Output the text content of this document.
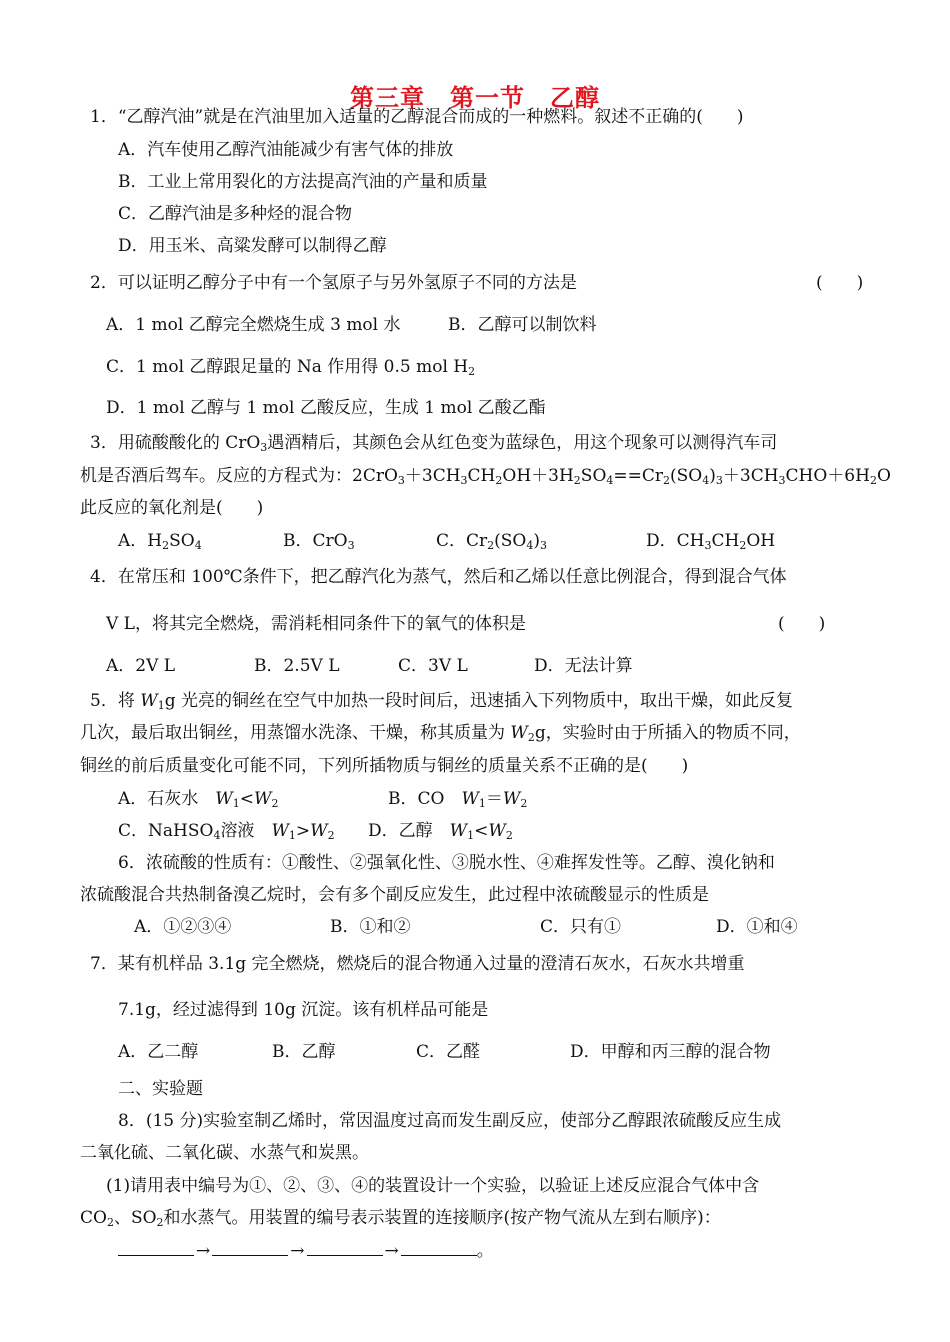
第三章　第一节　乙醇
1．“乙醇汽油”就是在汽油里加入适量的乙醇混合而成的一种燃料。叙述不正确的(　　)
A．汽车使用乙醇汽油能减少有害气体的排放
B．工业上常用裂化的方法提高汽油的产量和质量
C．乙醇汽油是多种烃的混合物
D．用玉米、高粱发酵可以制得乙醇
2．可以证明乙醇分子中有一个氢原子与另外氢原子不同的方法是	(　　)
A．1 mol 乙醇完全燃烧生成 3 mol 水	B．乙醇可以制饮料
C．1 mol 乙醇跟足量的 Na 作用得 0.5 mol $H_2$
D．1 mol 乙醇与 1 mol 乙酸反应，生成 1 mol 乙酸乙酯
3．用硫酸酸化的 CrO$_3$遇酒精后，其颜色会从红色变为蓝绿色，用这个现象可以测得汽车司
机是否酒后驾车。反应的方程式为：$2CrO_3+3CH_3CH_2OH+3H_2SO_4==Cr_2(SO_4)_3+3CH_3CHO+6H_2O$
此反应的氧化剂是(　　)
A．$H_2SO_4$	B．CrO$_3$	C．$Cr_2(SO_4)_3$	D．$CH_3CH_2OH$
4．在常压和 100℃条件下，把乙醇汽化为蒸气，然后和乙烯以任意比例混合，得到混合气体
V L，将其完全燃烧，需消耗相同条件下的氧气的体积是	(　　)
A．2V L	B．2.5V L	C．3V L	D．无法计算
5．将 $W_1g$ 光亮的铜丝在空气中加热一段时间后，迅速插入下列物质中，取出干燥，如此反复
几次，最后取出铜丝，用蒸馏水洗涤、干燥，称其质量为 $W_2g$，实验时由于所插入的物质不同，
铜丝的前后质量变化可能不同，下列所插物质与铜丝的质量关系不正确的是(　　)
A．石灰水　 $W_1<W_2$	B．CO　 $W_1=W_2$
C．NaHSO$_4$溶液　 $W_1>W_2$ D．乙醇　 $W_1<W_2$
6．浓硫酸的性质有：①酸性、②强氧化性、③脱水性、④难挥发性等。乙醇、溴化钠和
浓硫酸混合共热制备溴乙烷时，会有多个副反应发生，此过程中浓硫酸显示的性质是
A．①②③④	B．①和②	C．只有①	D．①和④
7．某有机样品 3.1g 完全燃烧，燃烧后的混合物通入过量的澄清石灰水，石灰水共增重
7.1g，经过滤得到 10g 沉淀。该有机样品可能是
A．乙二醇	B．乙醇	C．乙醛	D．甲醇和丙三醇的混合物
二、实验题
8．(15 分)实验室制乙烯时，常因温度过高而发生副反应，使部分乙醇跟浓硫酸反应生成
二氧化硫、二氧化碳、水蒸气和炭黑。
(1)请用表中编号为①、②、③、④的装置设计一个实验，以验证上述反应混合气体中含
$CO_2$、$SO_2$和水蒸气。用装置的编号表示装置的连接顺序(按产物气流从左到右顺序)：
→	→	→	。
